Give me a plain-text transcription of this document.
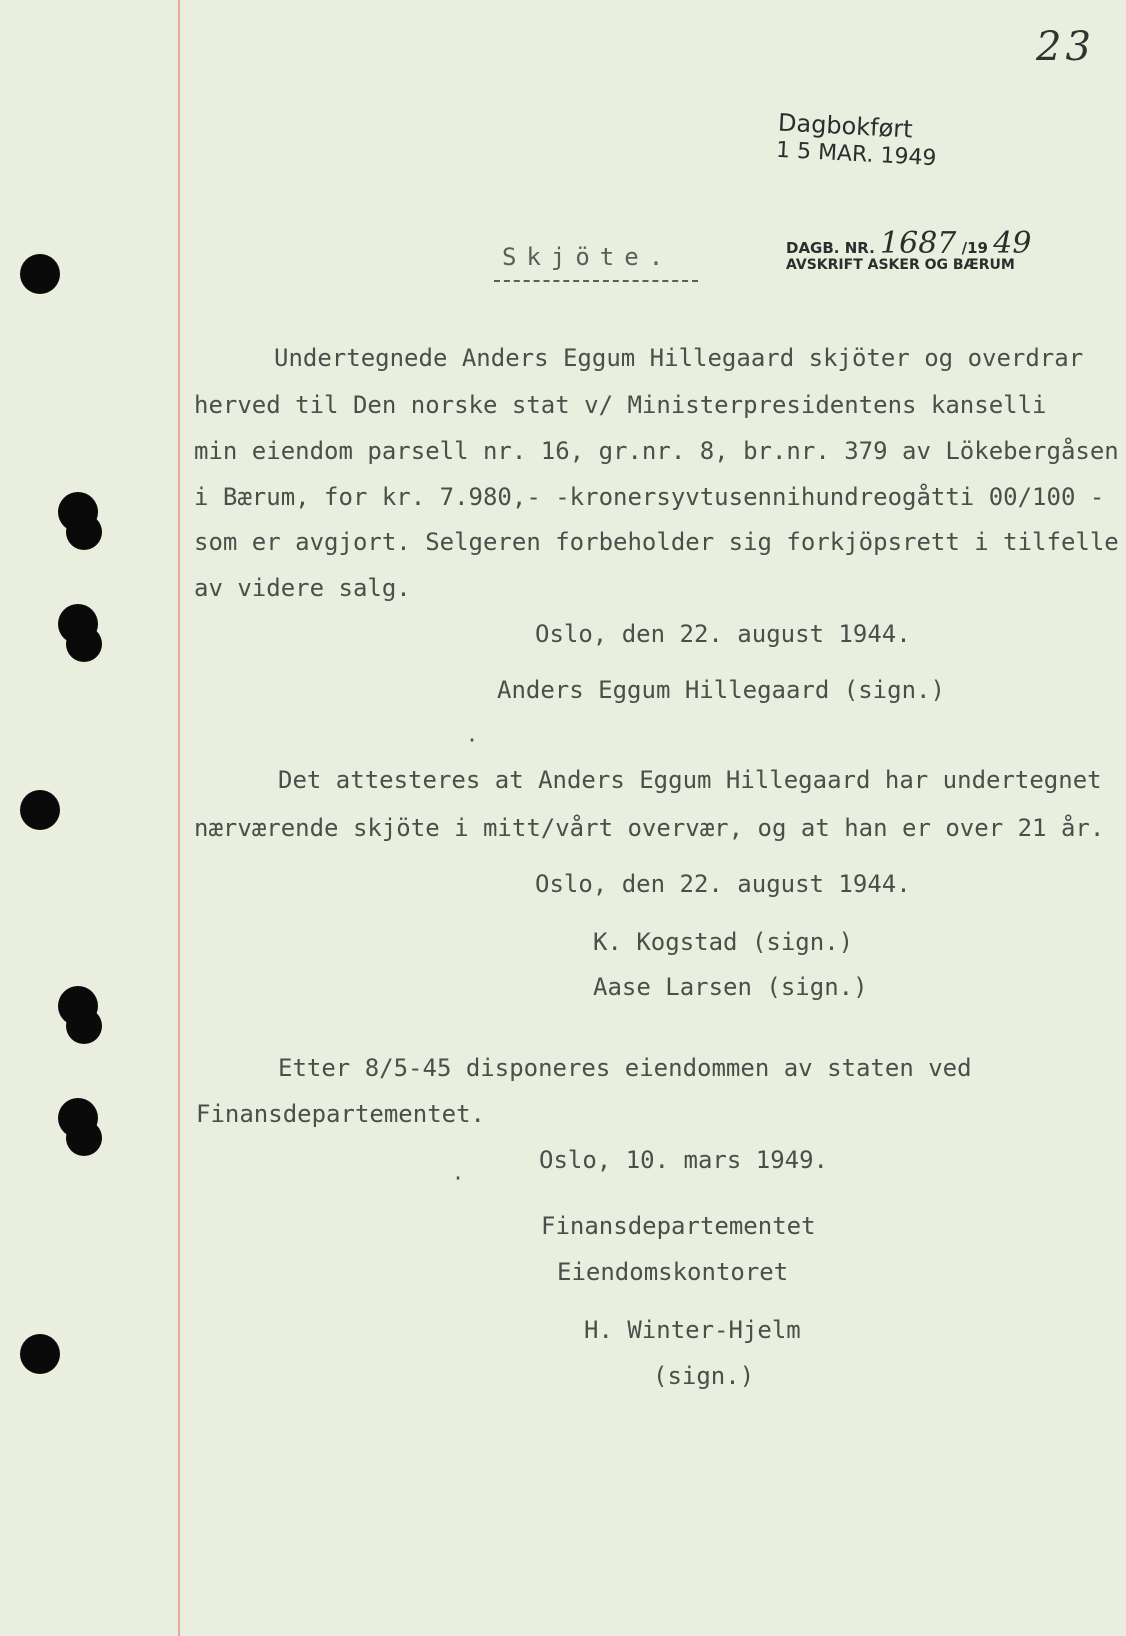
23
Dagbokført
1 5 MAR. 1949
DAGB. NR. 1687 /19 49
AVSKRIFT ASKER OG BÆRUM
Skjöte.
Undertegnede Anders Eggum Hillegaard skjöter og overdrar
herved til Den norske stat v/ Ministerpresidentens kanselli
min eiendom parsell nr. 16, gr.nr. 8, br.nr. 379 av Lökebergåsen
i Bærum, for kr. 7.980,- -kronersyvtusennihundreogåtti 00/100 -
som er avgjort. Selgeren forbeholder sig forkjöpsrett i tilfelle
av videre salg.
Oslo, den 22. august 1944.
Anders Eggum Hillegaard (sign.)
Det attesteres at Anders Eggum Hillegaard har undertegnet
nærværende skjöte i mitt/vårt overvær, og at han er over 21 år.
Oslo, den 22. august 1944.
K. Kogstad (sign.)
Aase Larsen (sign.)
Etter 8/5-45 disponeres eiendommen av staten ved
Finansdepartementet.
Oslo, 10. mars 1949.
Finansdepartementet
Eiendomskontoret
H. Winter-Hjelm
(sign.)
·
·
